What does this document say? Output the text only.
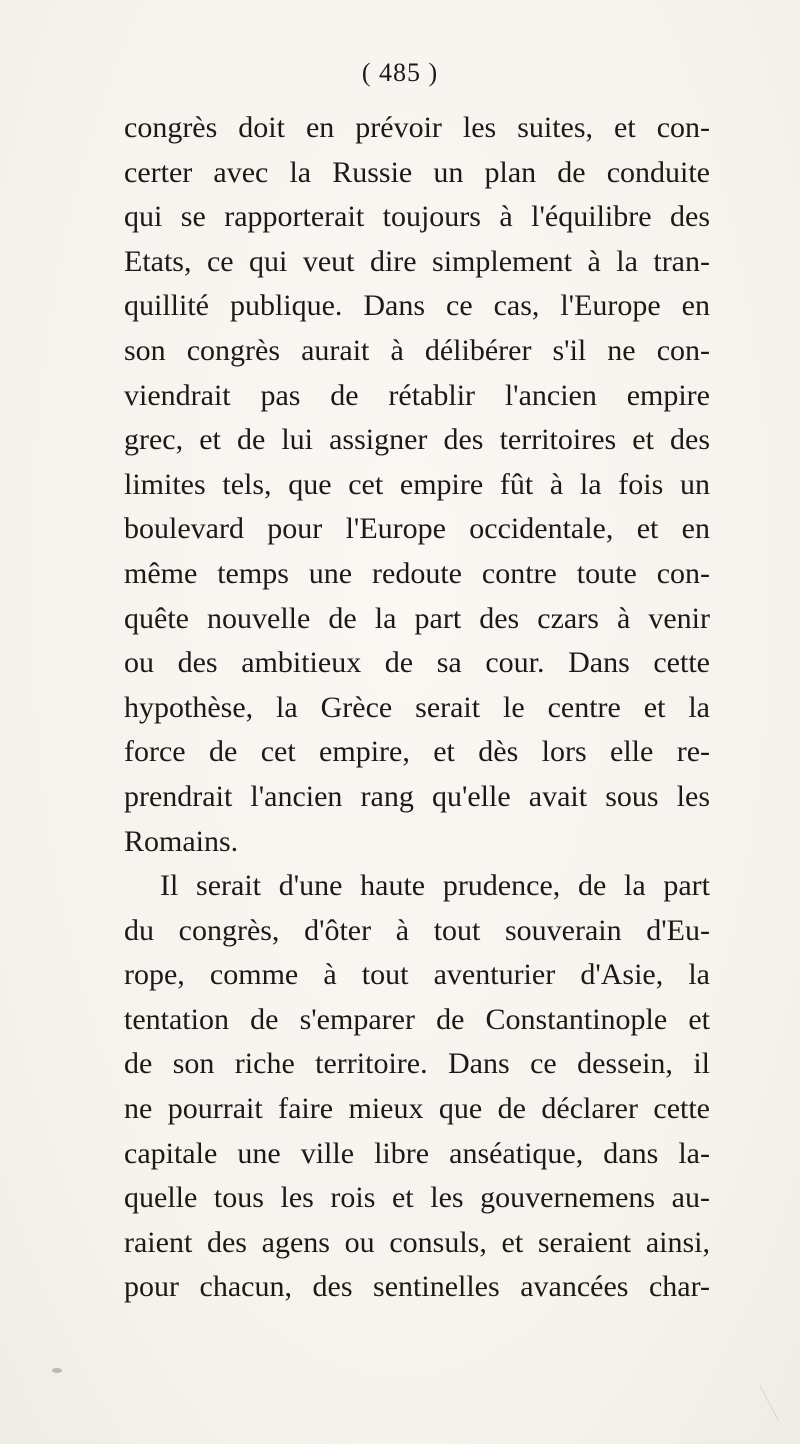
( 485 )
congrès doit en prévoir les suites, et con-
certer avec la Russie un plan de conduite
qui se rapporterait toujours à l'équilibre des
Etats, ce qui veut dire simplement à la tran-
quillité publique. Dans ce cas, l'Europe en
son congrès aurait à délibérer s'il ne con-
viendrait pas de rétablir l'ancien empire
grec, et de lui assigner des territoires et des
limites tels, que cet empire fût à la fois un
boulevard pour l'Europe occidentale, et en
même temps une redoute contre toute con-
quête nouvelle de la part des czars à venir
ou des ambitieux de sa cour. Dans cette
hypothèse, la Grèce serait le centre et la
force de cet empire, et dès lors elle re-
prendrait l'ancien rang qu'elle avait sous les
Romains.
Il serait d'une haute prudence, de la part
du congrès, d'ôter à tout souverain d'Eu-
rope, comme à tout aventurier d'Asie, la
tentation de s'emparer de Constantinople et
de son riche territoire. Dans ce dessein, il
ne pourrait faire mieux que de déclarer cette
capitale une ville libre anséatique, dans la-
quelle tous les rois et les gouvernemens au-
raient des agens ou consuls, et seraient ainsi,
pour chacun, des sentinelles avancées char-
